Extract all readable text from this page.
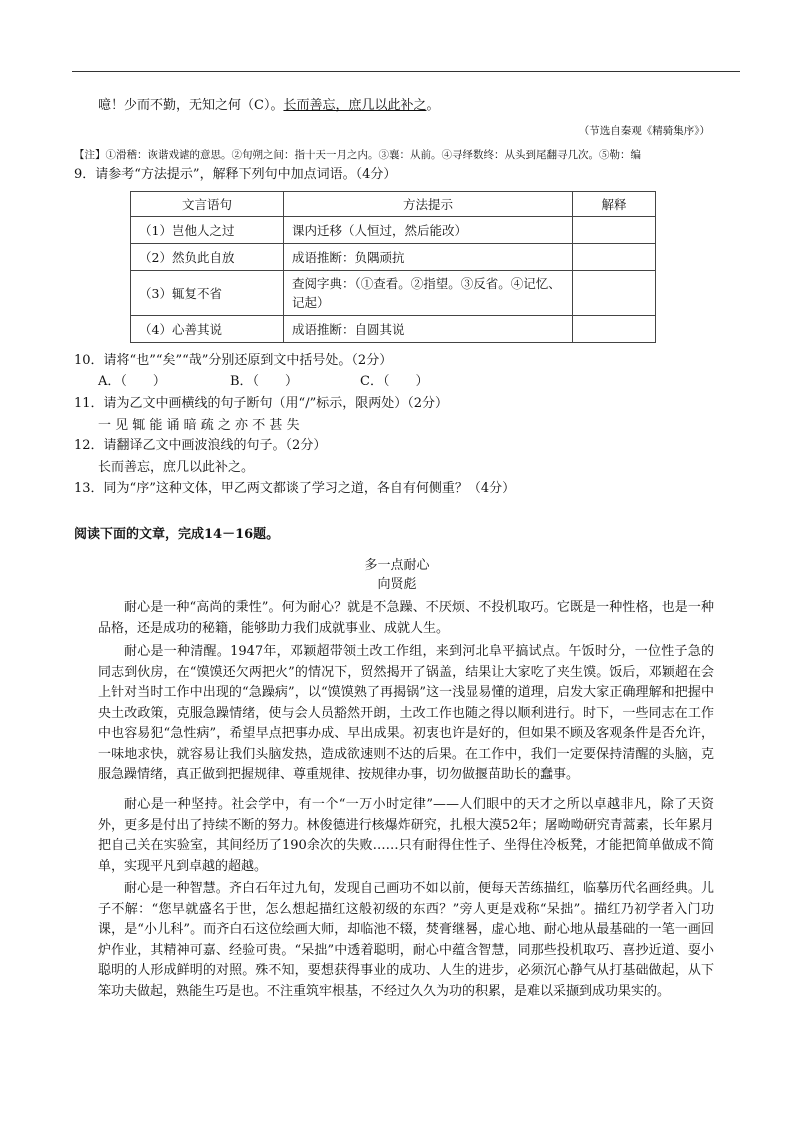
噫！少而不勤，无知之何（C）。长而善忘，庶几以此补之。
（节选自秦观《精骑集序》）
【注】①滑稽：诙谐戏谑的意思。②旬朔之间：指十天一月之内。③襄：从前。④寻绎数终：从头到尾翻寻几次。⑤勒：编
9．请参考“方法提示”，解释下列句中加点词语。（4分）
文言语句	方法提示	解释
（1）岂他人之过	课内迁移（人恒过，然后能改）	
（2）然负此自放	成语推断：负隅顽抗	
（3）辄复不省	查阅字典：（①查看。②指望。③反省。④记忆、记起）	
（4）心善其说	成语推断：自圆其说	
10．请将“也”“矣”“哉”分别还原到文中括号处。（2分）
A．（　　）	B．（　　）	C．（　　）
11．请为乙文中画横线的句子断句（用“/”标示，限两处）（2分）
一 见 辄 能 诵 暗 疏 之 亦 不 甚 失
12．请翻译乙文中画波浪线的句子。（2分）
长而善忘，庶几以此补之。
13．同为“序”这种文体，甲乙两文都谈了学习之道，各自有何侧重？（4分）
阅读下面的文章，完成14－16题。
多一点耐心
向贤彪
耐心是一种“高尚的秉性”。何为耐心？就是不急躁、不厌烦、不投机取巧。它既是一种性格，也是一种品格，还是成功的秘籍，能够助力我们成就事业、成就人生。
耐心是一种清醒。1947年，邓颖超带领土改工作组，来到河北阜平搞试点。午饭时分，一位性子急的同志到伙房，在“馍馍还欠两把火”的情况下，贸然揭开了锅盖，结果让大家吃了夹生馍。饭后，邓颖超在会上针对当时工作中出现的“急躁病”，以“馍馍熟了再揭锅”这一浅显易懂的道理，启发大家正确理解和把握中央土改政策，克服急躁情绪，使与会人员豁然开朗，土改工作也随之得以顺利进行。时下，一些同志在工作中也容易犯“急性病”，希望早点把事办成、早出成果。初衷也许是好的，但如果不顾及客观条件是否允许，一味地求快，就容易让我们头脑发热，造成欲速则不达的后果。在工作中，我们一定要保持清醒的头脑，克服急躁情绪，真正做到把握规律、尊重规律、按规律办事，切勿做揠苗助长的蠢事。
耐心是一种坚持。社会学中，有一个“一万小时定律”——人们眼中的天才之所以卓越非凡，除了天资外，更多是付出了持续不断的努力。林俊德进行核爆炸研究，扎根大漠52年；屠呦呦研究青蒿素，长年累月把自己关在实验室，其间经历了190余次的失败……只有耐得住性子、坐得住冷板凳，才能把简单做成不简单，实现平凡到卓越的超越。
耐心是一种智慧。齐白石年过九旬，发现自己画功不如以前，便每天苦练描红，临摹历代名画经典。儿子不解：“您早就盛名于世，怎么想起描红这般初级的东西？”旁人更是戏称“呆拙”。描红乃初学者入门功课，是“小儿科”。而齐白石这位绘画大师，却临池不辍，焚膏继晷，虚心地、耐心地从最基础的一笔一画回炉作业，其精神可嘉、经验可贵。“呆拙”中透着聪明，耐心中蕴含智慧，同那些投机取巧、喜抄近道、耍小聪明的人形成鲜明的对照。殊不知，要想获得事业的成功、人生的进步，必须沉心静气从打基础做起，从下笨功夫做起，熟能生巧是也。不注重筑牢根基，不经过久久为功的积累，是难以采撷到成功果实的。
